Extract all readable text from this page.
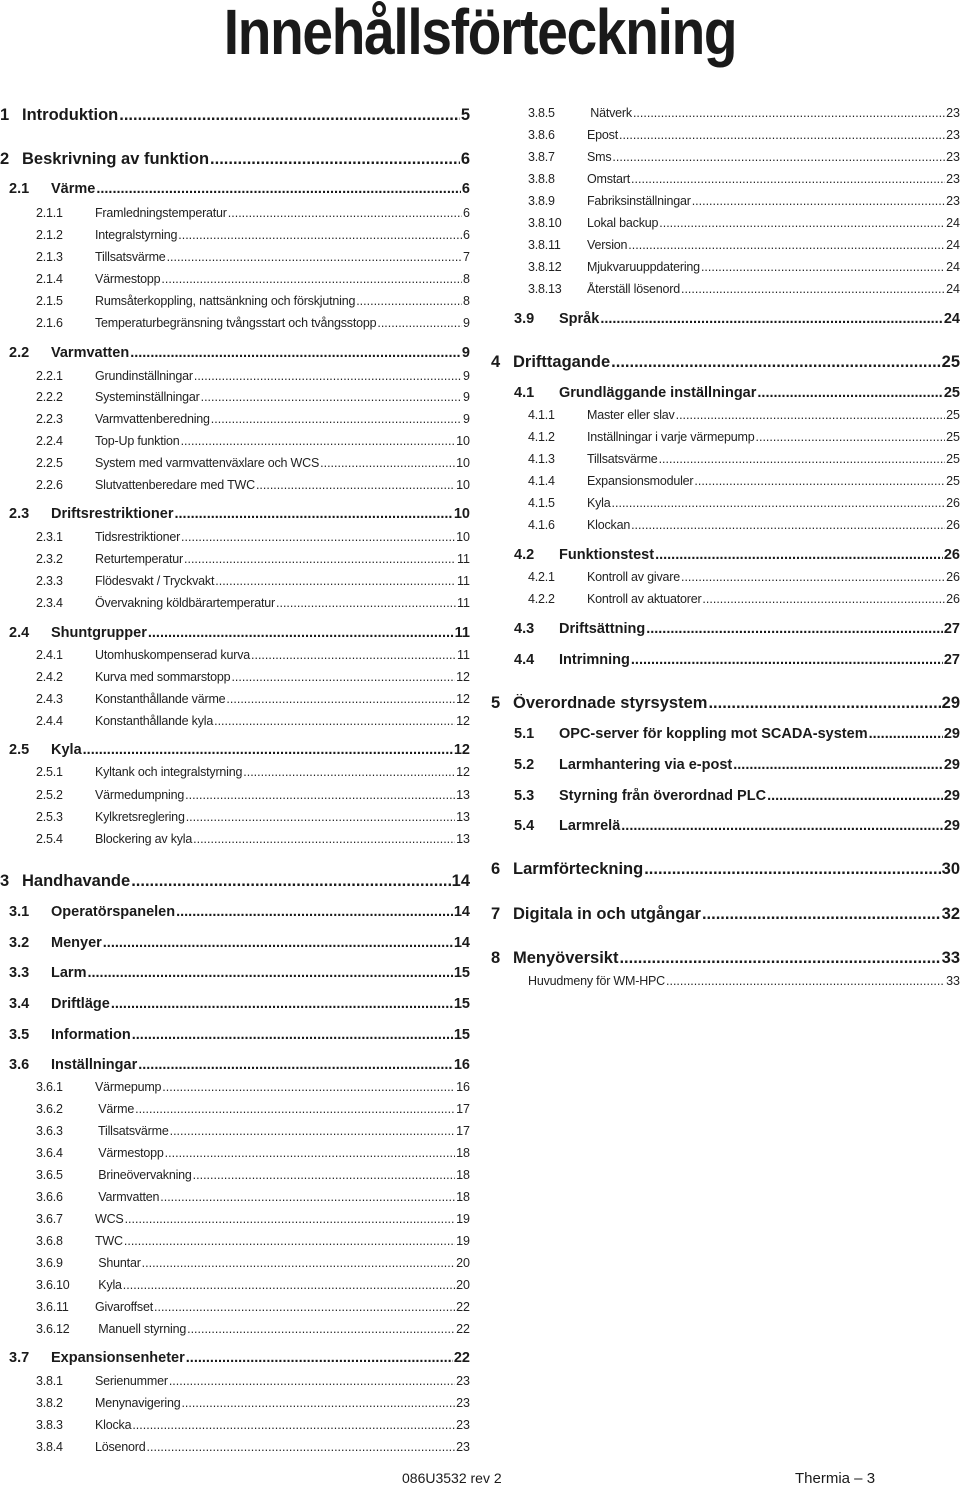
Innehållsförteckning
1 Introduktion .....	5
2 Beskrivning av funktion .....	6
2.1	Värme .....	6
2.1.1	Framledningstemperatur .....	6
2.1.2	Integralstyrning .....	6
2.1.3	Tillsatsvärme .....	7
2.1.4	Värmestopp .....	8
2.1.5	Rumsåterkoppling, nattsänkning och förskjutning .....	8
2.1.6	Temperaturbegränsning tvångsstart och tvångsstopp .....	9
2.2	Varmvatten .....	9
2.2.1	Grundinställningar .....	9
2.2.2	Systeminställningar .....	9
2.2.3	Varmvattenberedning .....	9
2.2.4	Top-Up funktion .....	10
2.2.5	System med varmvattenväxlare och WCS .....	10
2.2.6	Slutvattenberedare med TWC .....	10
2.3	Driftsrestriktioner .....	10
2.3.1	Tidsrestriktioner .....	10
2.3.2	Returtemperatur .....	11
2.3.3	Flödesvakt / Tryckvakt .....	11
2.3.4	Övervakning köldbärartemperatur .....	11
2.4	Shuntgrupper .....	11
2.4.1	Utomhuskompenserad kurva .....	11
2.4.2	Kurva med sommarstopp .....	12
2.4.3	Konstanthållande värme .....	12
2.4.4	Konstanthållande kyla .....	12
2.5	Kyla .....	12
2.5.1	Kyltank och integralstyrning .....	12
2.5.2	Värmedumpning .....	13
2.5.3	Kylkretsreglering .....	13
2.5.4	Blockering av kyla .....	13
3 Handhavande .....	14
3.1	Operatörspanelen .....	14
3.2	Menyer .....	14
3.3	Larm .....	15
3.4	Driftläge .....	15
3.5	Information .....	15
3.6	Inställningar .....	16
3.6.1	Värmepump .....	16
3.6.2	Värme .....	17
3.6.3	Tillsatsvärme .....	17
3.6.4	Värmestopp .....	18
3.6.5	Brineövervakning .....	18
3.6.6	Varmvatten .....	18
3.6.7	WCS .....	19
3.6.8	TWC .....	19
3.6.9	Shuntar .....	20
3.6.10	Kyla .....	20
3.6.11	Givaroffset .....	22
3.6.12	Manuell styrning .....	22
3.7	Expansionsenheter .....	22
3.8.1	Serienummer .....	23
3.8.2	Menynavigering .....	23
3.8.3	Klocka .....	23
3.8.4	Lösenord .....	23
3.8.5	Nätverk .....	23
3.8.6	Epost .....	23
3.8.7	Sms .....	23
3.8.8	Omstart .....	23
3.8.9	Fabriksinställningar .....	23
3.8.10	Lokal backup .....	24
3.8.11	Version .....	24
3.8.12	Mjukvaruuppdatering .....	24
3.8.13	Återställ lösenord .....	24
3.9	Språk .....	24
4 Drifttagande .....	25
4.1	Grundläggande inställningar .....	25
4.1.1	Master eller slav .....	25
4.1.2	Inställningar i varje värmepump .....	25
4.1.3	Tillsatsvärme .....	25
4.1.4	Expansionsmoduler .....	25
4.1.5	Kyla .....	26
4.1.6	Klockan .....	26
4.2	Funktionstest .....	26
4.2.1	Kontroll av givare .....	26
4.2.2	Kontroll av aktuatorer .....	26
4.3	Driftsättning .....	27
4.4	Intrimning .....	27
5 Överordnade styrsystem .....	29
5.1	OPC-server för koppling mot SCADA-system .....	29
5.2	Larmhantering via e-post .....	29
5.3	Styrning från överordnad PLC .....	29
5.4	Larmrelä .....	29
6 Larmförteckning .....	30
7 Digitala in och utgångar .....	32
8 Menyöversikt .....	33
Huvudmeny för WM-HPC .....	33
086U3532 rev 2	Thermia – 3
